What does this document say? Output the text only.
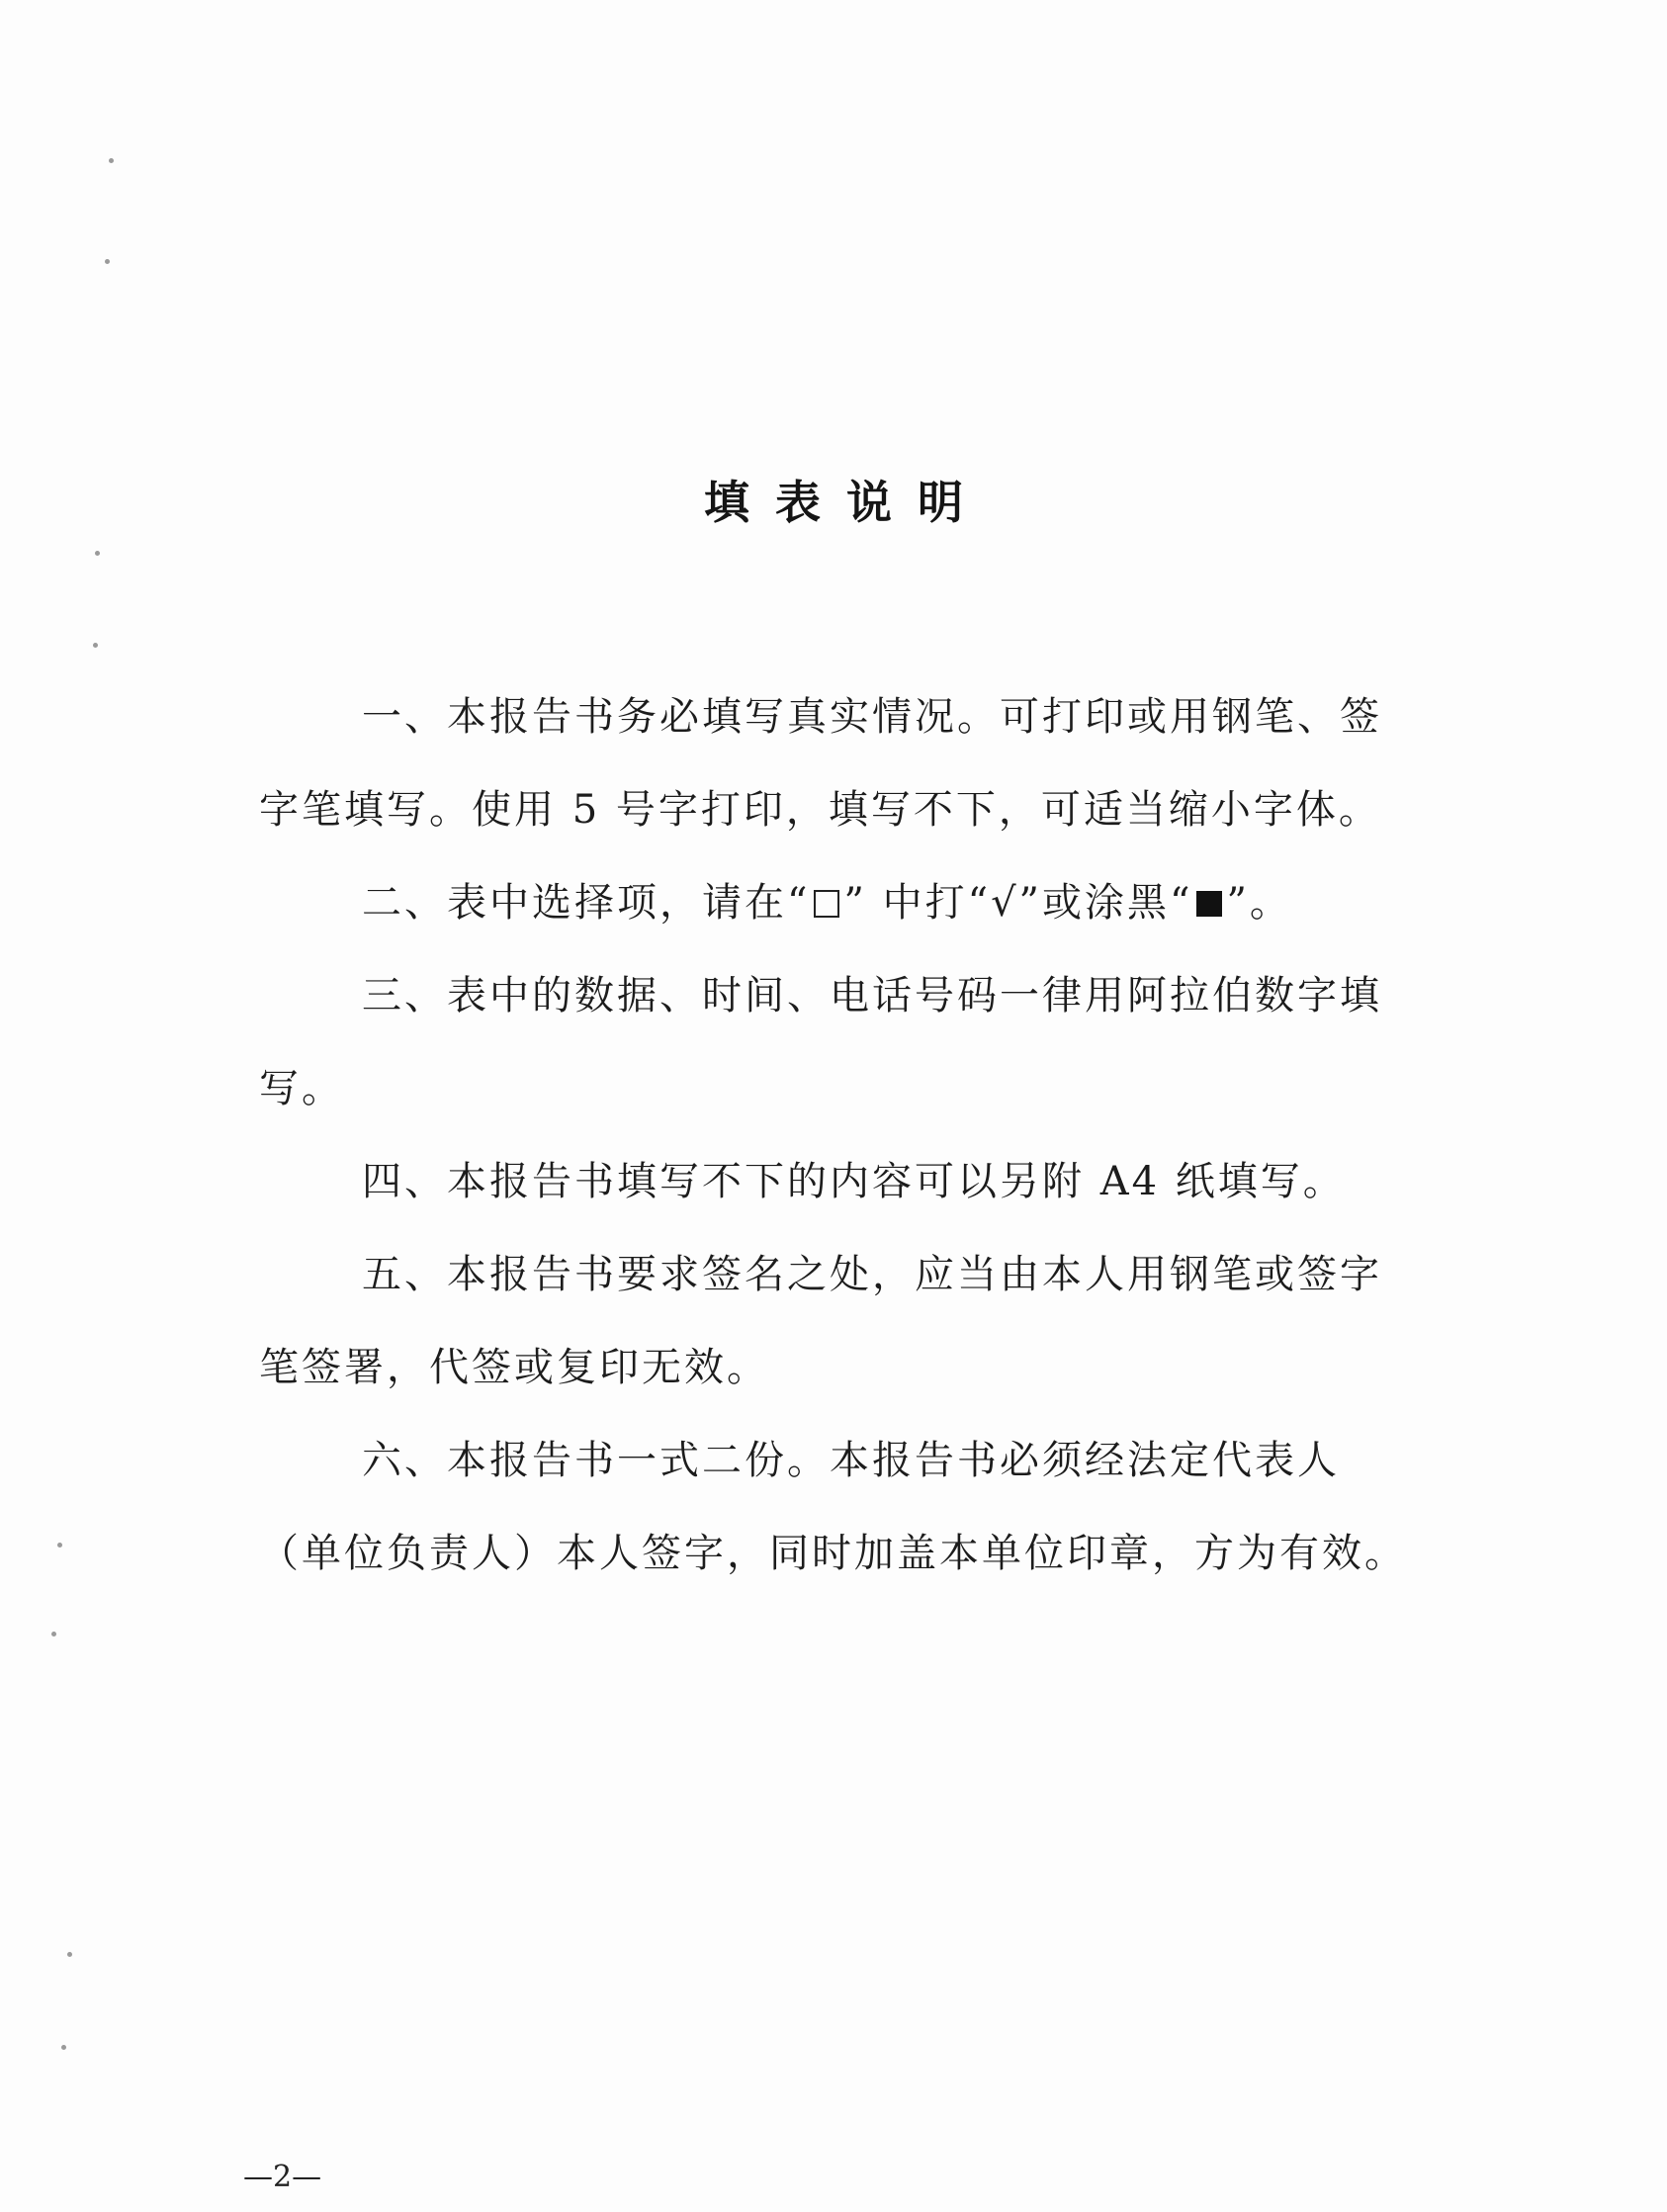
填表说明

一、本报告书务必填写真实情况。可打印或用钢笔、签字笔填写。使用 5 号字打印，填写不下，可适当缩小字体。

二、表中选择项，请在“ ” 中打“√”或涂黑“ ”。

三、表中的数据、时间、电话号码一律用阿拉伯数字填写。

四、本报告书填写不下的内容可以另附 A4 纸填写。

五、本报告书要求签名之处，应当由本人用钢笔或签字笔签署，代签或复印无效。

六、本报告书一式二份。本报告书必须经法定代表人（单位负责人）本人签字，同时加盖本单位印章，方为有效。

—2—
